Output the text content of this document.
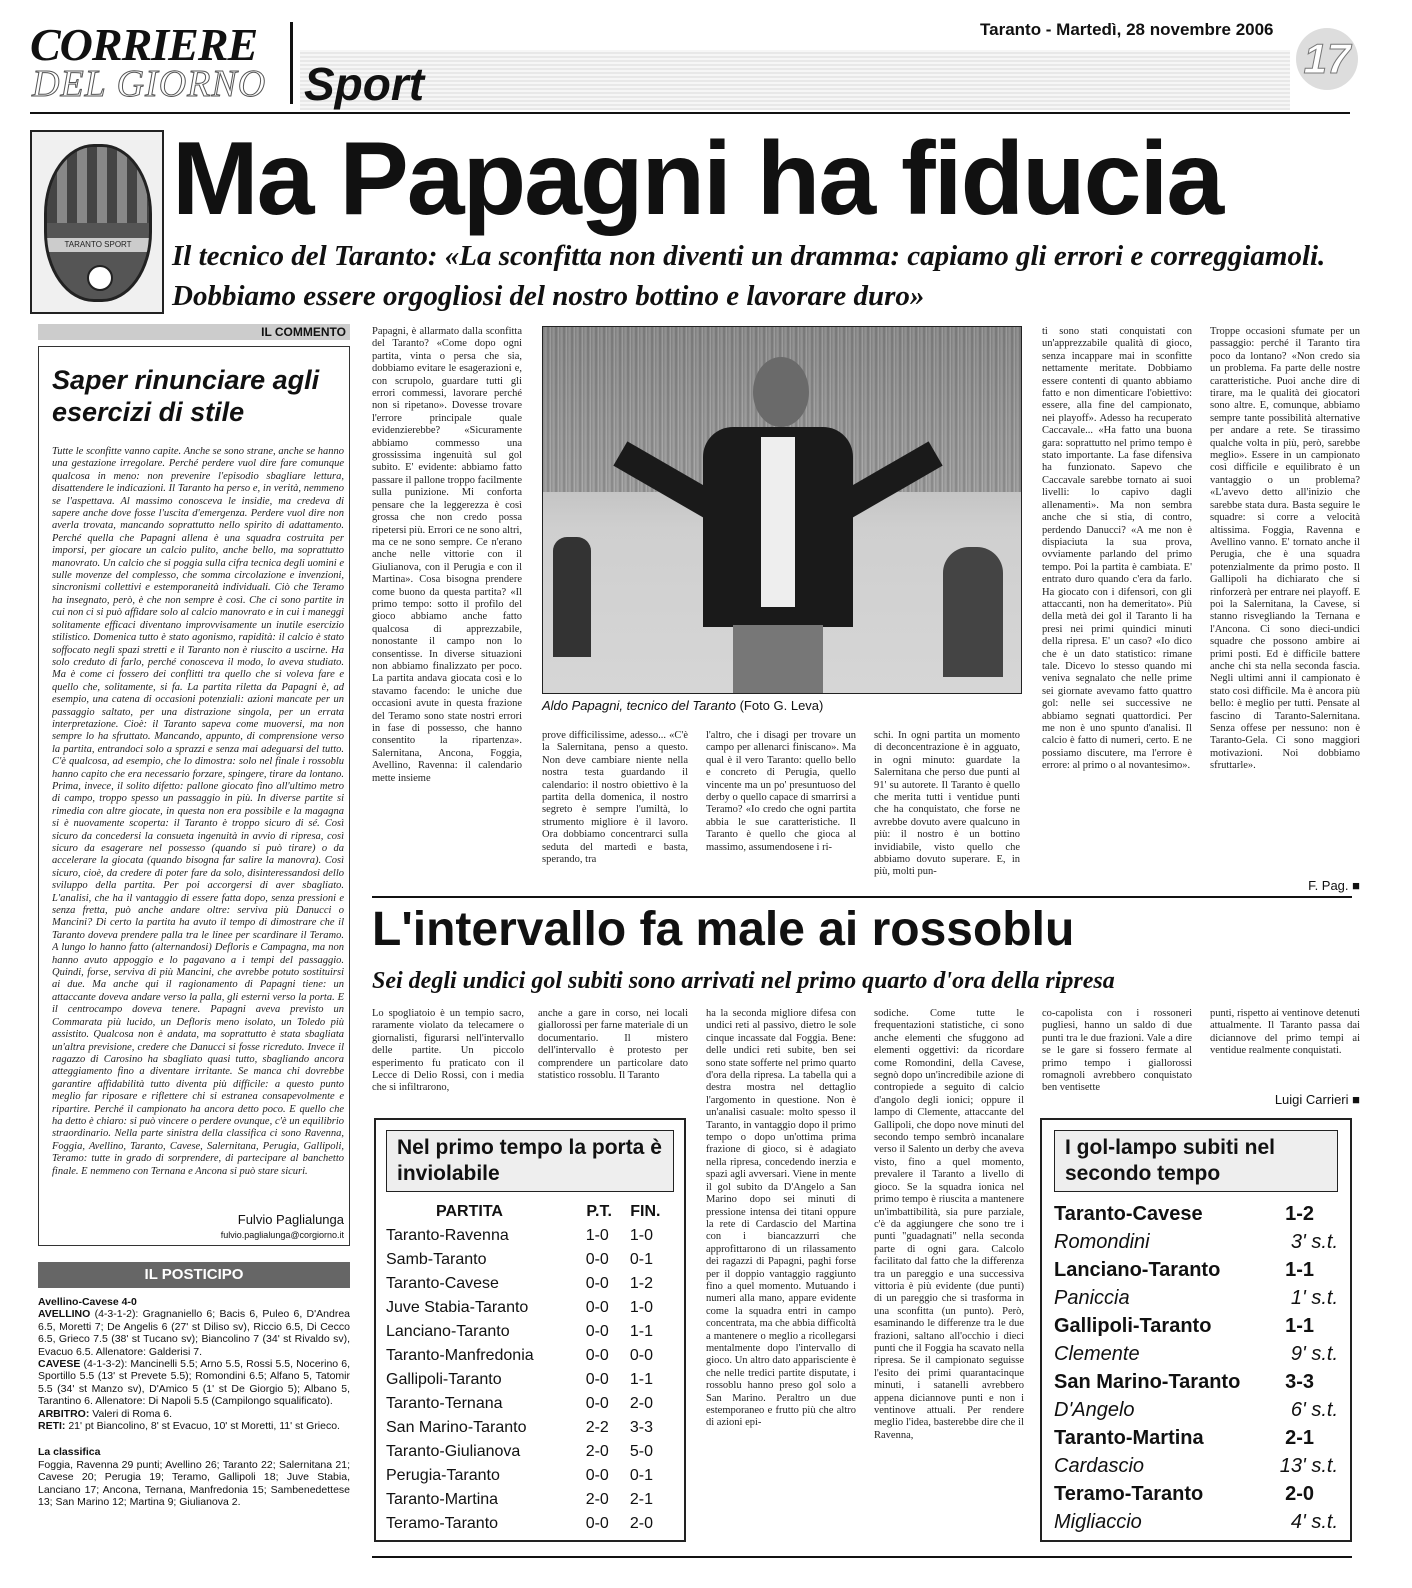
CORRIERE
DEL GIORNO Sport
Taranto - Martedì, 28 novembre 2006
17
TARANTO SPORT
Ma Papagni ha fiducia
Il tecnico del Taranto: «La sconfitta non diventi un dramma: capiamo gli errori e correggiamoli. Dobbiamo essere orgogliosi del nostro bottino e lavorare duro»
IL COMMENTO
Saper rinunciare agli esercizi di stile

Tutte le sconfitte vanno capite. Anche se sono strane, anche se hanno una gestazione irregolare. Perché perdere vuol dire fare comunque qualcosa in meno: non prevenire l'episodio sbagliare lettura, disattendere le indicazioni. Il Taranto ha perso e, in verità, nemmeno se l'aspettava. Al massimo conosceva le insidie, ma credeva di sapere anche dove fosse l'uscita d'emergenza. Perdere vuol dire non averla trovata, mancando soprattutto nello spirito di adattamento. Perché quella che Papagni allena è una squadra costruita per imporsi, per giocare un calcio pulito, anche bello, ma soprattutto manovrato. Un calcio che si poggia sulla cifra tecnica degli uomini e sulle movenze del complesso, che somma circolazione e invenzioni, sincronismi collettivi e estemporaneità individuali. Ciò che Teramo ha insegnato, però, è che non sempre è così. Che ci sono partite in cui non ci si può affidare solo al calcio manovrato e in cui i maneggi solitamente efficaci diventano improvvisamente un inutile esercizio stilistico. Domenica tutto è stato agonismo, rapidità: il calcio è stato soffocato negli spazi stretti e il Taranto non è riuscito a uscirne. Ha solo creduto di farlo, perché conosceva il modo, lo aveva studiato. Ma è come ci fossero dei conflitti tra quello che si voleva fare e quello che, solitamente, si fa. La partita riletta da Papagni è, ad esempio, una catena di occasioni potenziali: azioni mancate per un passaggio saltato, per una distrazione singola, per un errata interpretazione. Cioè: il Taranto sapeva come muoversi, ma non sempre lo ha sfruttato. Mancando, appunto, di comprensione verso la partita, entrandoci solo a sprazzi e senza mai adeguarsi del tutto. C'è qualcosa, ad esempio, che lo dimostra: solo nel finale i rossoblu hanno capito che era necessario forzare, spingere, tirare da lontano. Prima, invece, il solito difetto: pallone giocato fino all'ultimo metro di campo, troppo spesso un passaggio in più. In diverse partite si rimedia con altre giocate, in questa non era possibile e la magagna si è nuovamente scoperta: il Taranto è troppo sicuro di sé. Così sicuro da concedersi la consueta ingenuità in avvio di ripresa, così sicuro da esagerare nel possesso (quando si può tirare) o da accelerare la giocata (quando bisogna far salire la manovra). Così sicuro, cioè, da credere di poter fare da solo, disinteressandosi dello sviluppo della partita. Per poi accorgersi di aver sbagliato. L'analisi, che ha il vantaggio di essere fatta dopo, senza pressioni e senza fretta, può anche andare oltre: serviva più Danucci o Mancini? Di certo la partita ha avuto il tempo di dimostrare che il Taranto doveva prendere palla tra le linee per scardinare il Teramo. A lungo lo hanno fatto (alternandosi) Defloris e Campagna, ma non hanno avuto appoggio e lo pagavano a i tempi del passaggio. Quindi, forse, serviva di più Mancini, che avrebbe potuto sostituirsi ai due. Ma anche qui il ragionamento di Papagni tiene: un attaccante doveva andare verso la palla, gli esterni verso la porta. E il centrocampo doveva tenere. Papagni aveva previsto un Commarata più lucido, un Defloris meno isolato, un Toledo più assistito. Qualcosa non è andata, ma soprattutto è stata sbagliata un'altra previsione, credere che Danucci si fosse ricreduto. Invece il ragazzo di Carosino ha sbagliato quasi tutto, sbagliando ancora atteggiamento fino a diventare irritante. Se manca chi dovrebbe garantire affidabilità tutto diventa più difficile: a questo punto meglio far riposare e riflettere chi si estranea consapevolmente e ripartire. Perché il campionato ha ancora detto poco. E quello che ha detto è chiaro: si può vincere o perdere ovunque, c'è un equilibrio straordinario. Nella parte sinistra della classifica ci sono Ravenna, Foggia, Avellino, Taranto, Cavese, Salernitana, Perugia, Gallipoli, Teramo: tutte in grado di sorprendere, di partecipare al banchetto finale. E nemmeno con Ternana e Ancona si può stare sicuri.

Fulvio Paglialunga
fulvio.paglialunga@corgiorno.it
IL POSTICIPO
Avellino-Cavese 4-0
AVELLINO (4-3-1-2): Gragnaniello 6; Bacis 6, Puleo 6, D'Andrea 6.5, Moretti 7; De Angelis 6 (27' st Diliso sv), Riccio 6.5, Di Cecco 6.5, Grieco 7.5 (38' st Tucano sv); Biancolino 7 (34' st Rivaldo sv), Evacuo 6.5. Allenatore: Galderisi 7.
CAVESE (4-1-3-2): Mancinelli 5.5; Arno 5.5, Rossi 5.5, Nocerino 6, Sportillo 5.5 (13' st Prevete 5.5); Romondini 6.5; Alfano 5, Tatomir 5.5 (34' st Manzo sv), D'Amico 5 (1' st De Giorgio 5); Albano 5, Tarantino 6. Allenatore: Di Napoli 5.5 (Campilongo squalificato).
ARBITRO: Valeri di Roma 6.
RETI: 21' pt Biancolino, 8' st Evacuo, 10' st Moretti, 11' st Grieco.
La classifica
Foggia, Ravenna 29 punti; Avellino 26; Taranto 22; Salernitana 21; Cavese 20; Perugia 19; Teramo, Gallipoli 18; Juve Stabia, Lanciano 17; Ancona, Ternana, Manfredonia 15; Sambenedettese 13; San Marino 12; Martina 9; Giulianova 2.
Papagni, è allarmato dalla sconfitta del Taranto? «Come dopo ogni partita, vinta o persa che sia, dobbiamo evitare le esagerazioni e, con scrupolo, guardare tutti gli errori commessi, lavorare perché non si ripetano». Dovesse trovare l'errore principale quale evidenzierebbe? «Sicuramente abbiamo commesso una grossissima ingenuità sul gol subito. E' evidente: abbiamo fatto passare il pallone troppo facilmente sulla punizione. Mi conforta pensare che la leggerezza è così grossa che non credo possa ripetersi più. Errori ce ne sono altri, ma ce ne sono sempre. Ce n'erano anche nelle vittorie con il Giulianova, con il Perugia e con il Martina». Cosa bisogna prendere come buono da questa partita? «Il primo tempo: sotto il profilo del gioco abbiamo anche fatto qualcosa di apprezzabile, nonostante il campo non lo consentisse. In diverse situazioni non abbiamo finalizzato per poco. La partita andava giocata così e lo stavamo facendo: le uniche due occasioni avute in questa frazione del Teramo sono state nostri errori in fase di possesso, che hanno consentito la ripartenza». Salernitana, Ancona, Foggia, Avellino, Ravenna: il calendario mette insieme
Aldo Papagni, tecnico del Taranto (Foto G. Leva)
prove difficilissime, adesso... «C'è la Salernitana, penso a questo. Non deve cambiare niente nella nostra testa guardando il calendario: il nostro obiettivo è la partita della domenica, il nostro segreto è sempre l'umiltà, lo strumento migliore è il lavoro. Ora dobbiamo concentrarci sulla seduta del martedì e basta, sperando, tra
l'altro, che i disagi per trovare un campo per allenarci finiscano». Ma qual è il vero Taranto: quello bello e concreto di Perugia, quello vincente ma un po' presuntuoso del derby o quello capace di smarrirsi a Teramo? «Io credo che ogni partita abbia le sue caratteristiche. Il Taranto è quello che gioca al massimo, assumendosene i ri-
schi. In ogni partita un momento di deconcentrazione è in agguato, in ogni minuto: guardate la Salernitana che perso due punti al 91' su autorete. Il Taranto è quello che merita tutti i ventidue punti che ha conquistato, che forse ne avrebbe dovuto avere qualcuno in più: il nostro è un bottino invidiabile, visto quello che abbiamo dovuto superare. E, in più, molti pun-
ti sono stati conquistati con un'apprezzabile qualità di gioco, senza incappare mai in sconfitte nettamente meritate. Dobbiamo essere contenti di quanto abbiamo fatto e non dimenticare l'obiettivo: essere, alla fine del campionato, nei playoff». Adesso ha recuperato Caccavale... «Ha fatto una buona gara: soprattutto nel primo tempo è stato importante. La fase difensiva ha funzionato. Sapevo che Caccavale sarebbe tornato ai suoi livelli: lo capivo dagli allenamenti». Ma non sembra anche che si stia, di contro, perdendo Danucci? «A me non è dispiaciuta la sua prova, ovviamente parlando del primo tempo. Poi la partita è cambiata. E' entrato duro quando c'era da farlo. Ha giocato con i difensori, con gli attaccanti, non ha demeritato». Più della metà dei gol il Taranto li ha presi nei primi quindici minuti della ripresa. E' un caso? «Io dico che è un dato statistico: rimane tale. Dicevo lo stesso quando mi veniva segnalato che nelle prime sei giornate avevamo fatto quattro gol: nelle sei successive ne abbiamo segnati quattordici. Per me non è uno spunto d'analisi. Il calcio è fatto di numeri, certo. E ne possiamo discutere, ma l'errore è errore: al primo o al novantesimo».
Troppe occasioni sfumate per un passaggio: perché il Taranto tira poco da lontano? «Non credo sia un problema. Fa parte delle nostre caratteristiche. Puoi anche dire di tirare, ma le qualità dei giocatori sono altre. E, comunque, abbiamo sempre tante possibilità alternative per andare a rete. Se tirassimo qualche volta in più, però, sarebbe meglio». Essere in un campionato così difficile e equilibrato è un vantaggio o un problema? «L'avevo detto all'inizio che sarebbe stata dura. Basta seguire le squadre: si corre a velocità altissima. Foggia, Ravenna e Avellino vanno. E' tornato anche il Perugia, che è una squadra potenzialmente da primo posto. Il Gallipoli ha dichiarato che si rinforzerà per entrare nei playoff. E poi la Salernitana, la Cavese, si stanno risvegliando la Ternana e l'Ancona. Ci sono dieci-undici squadre che possono ambire ai primi posti. Ed è difficile battere anche chi sta nella seconda fascia. Negli ultimi anni il campionato è stato così difficile. Ma è ancora più bello: è meglio per tutti. Pensate al fascino di Taranto-Salernitana. Senza offese per nessuno: non è Taranto-Gela. Ci sono maggiori motivazioni. Noi dobbiamo sfruttarle».
F. Pag. ■
L'intervallo fa male ai rossoblu
Sei degli undici gol subiti sono arrivati nel primo quarto d'ora della ripresa
Lo spogliatoio è un tempio sacro, raramente violato da telecamere o giornalisti, figurarsi nell'intervallo delle partite. Un piccolo esperimento fu praticato con il Lecce di Delio Rossi, con i media che si infiltrarono,
anche a gare in corso, nei locali giallorossi per farne materiale di un documentario. Il mistero dell'intervallo è protesto per comprendere un particolare dato statistico rossoblu. Il Taranto
ha la seconda migliore difesa con undici reti al passivo, dietro le sole cinque incassate dal Foggia. Bene: delle undici reti subite, ben sei sono state sofferte nel primo quarto d'ora della ripresa. La tabella qui a destra mostra nel dettaglio l'argomento in questione. Non è un'analisi casuale: molto spesso il Taranto, in vantaggio dopo il primo tempo o dopo un'ottima prima frazione di gioco, si è adagiato nella ripresa, concedendo inerzia e spazi agli avversari. Viene in mente il gol subito da D'Angelo a San Marino dopo sei minuti di pressione intensa dei titani oppure la rete di Cardascio del Martina con i biancazzurri che approfittarono di un rilassamento dei ragazzi di Papagni, paghi forse per il doppio vantaggio raggiunto fino a quel momento. Mutuando i numeri alla mano, appare evidente come la squadra entri in campo concentrata, ma che abbia difficoltà a mantenere o meglio a ricollegarsi mentalmente dopo l'intervallo di gioco. Un altro dato apparisciente è che nelle tredici partite disputate, i rossoblu hanno preso gol solo a San Marino. Peraltro un due estemporaneo e frutto più che altro di azioni epi-
sodiche. Come tutte le frequentazioni statistiche, ci sono anche elementi che sfuggono ad elementi oggettivi: da ricordare come Romondini, della Cavese, segnò dopo un'incredibile azione di contropiede a seguito di calcio d'angolo degli ionici; oppure il lampo di Clemente, attaccante del Gallipoli, che dopo nove minuti del secondo tempo sembrò incanalare verso il Salento un derby che aveva visto, fino a quel momento, prevalere il Taranto a livello di gioco. Se la squadra ionica nel primo tempo è riuscita a mantenere un'imbattibilità, sia pure parziale, c'è da aggiungere che sono tre i punti "guadagnati" nella seconda parte di ogni gara. Calcolo facilitato dal fatto che la differenza tra un pareggio e una successiva vittoria è più evidente (due punti) di un pareggio che si trasforma in una sconfitta (un punto). Però, esaminando le differenze tra le due frazioni, saltano all'occhio i dieci punti che il Foggia ha scavato nella ripresa. Se il campionato seguisse l'esito dei primi quarantacinque minuti, i satanelli avrebbero appena diciannove punti e non i ventinove attuali. Per rendere meglio l'idea, basterebbe dire che il Ravenna,
co-capolista con i rossoneri pugliesi, hanno un saldo di due punti tra le due frazioni. Vale a dire se le gare si fossero fermate al primo tempo i giallorossi romagnoli avrebbero conquistato ben ventisette
punti, rispetto ai ventinove detenuti attualmente. Il Taranto passa dai diciannove del primo tempi ai ventidue realmente conquistati.
Luigi Carrieri ■
Nel primo tempo la porta è inviolabile
PARTITA	P.T.	FIN.
Taranto-Ravenna	1-0	1-0
Samb-Taranto	0-0	0-1
Taranto-Cavese	0-0	1-2
Juve Stabia-Taranto	0-0	1-0
Lanciano-Taranto	0-0	1-1
Taranto-Manfredonia	0-0	0-0
Gallipoli-Taranto	0-0	1-1
Taranto-Ternana	0-0	2-0
San Marino-Taranto	2-2	3-3
Taranto-Giulianova	2-0	5-0
Perugia-Taranto	0-0	0-1
Taranto-Martina	2-0	2-1
Teramo-Taranto	0-0	2-0
I gol-lampo subiti nel secondo tempo
Taranto-Cavese	1-2
Romondini	3' s.t.
Lanciano-Taranto	1-1
Paniccia	1' s.t.
Gallipoli-Taranto	1-1
Clemente	9' s.t.
San Marino-Taranto 3-3
D'Angelo	6' s.t.
Taranto-Martina	2-1
Cardascio	13' s.t.
Teramo-Taranto	2-0
Migliaccio	4' s.t.
